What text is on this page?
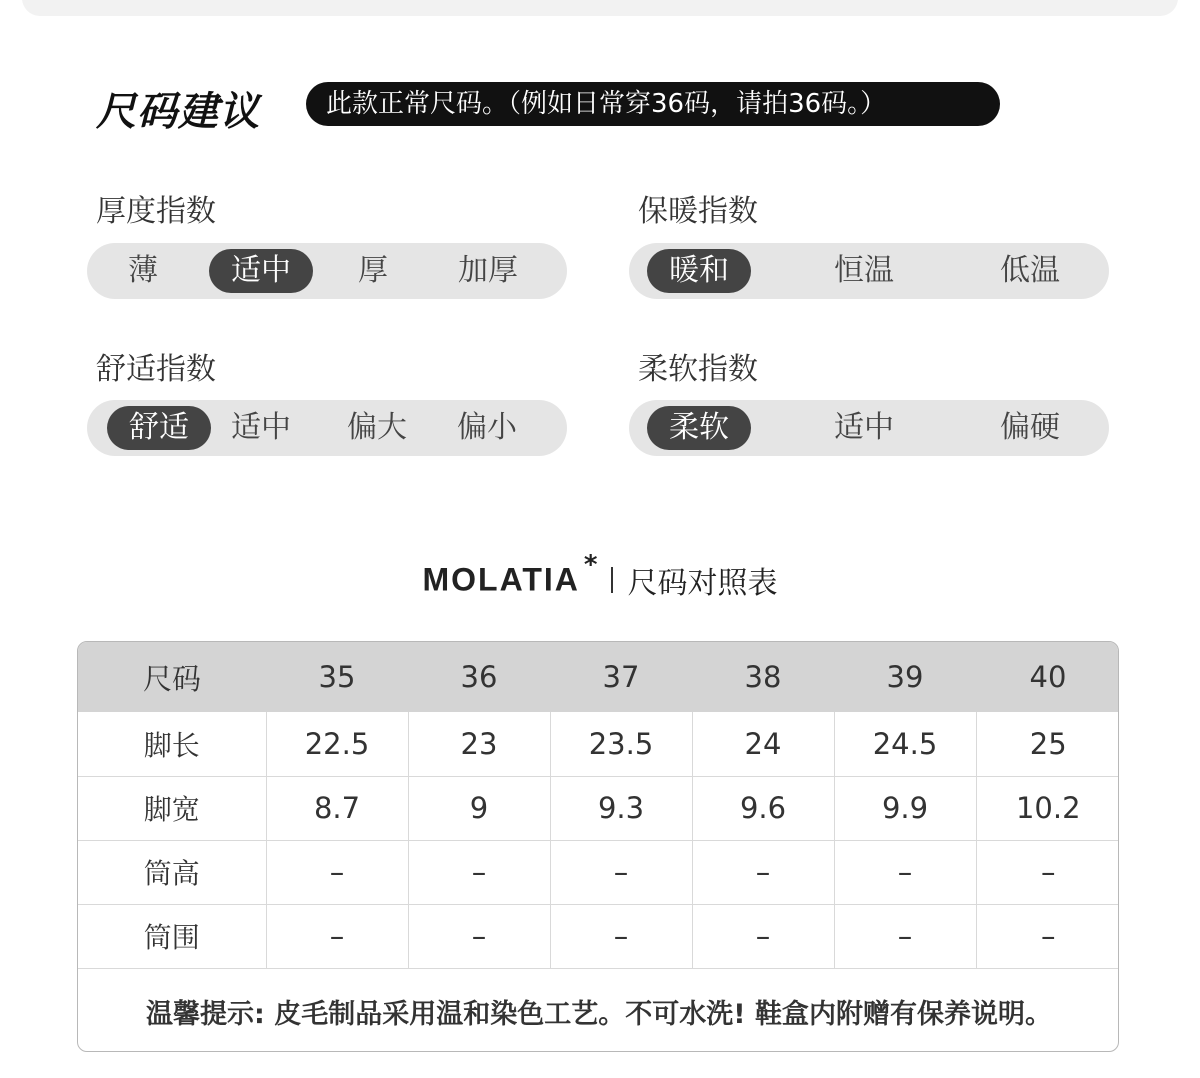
尺码建议	此款正常尺码。（例如日常穿36码，请拍36码。）
厚度指数
薄	适中	厚	加厚
保暖指数
暖和	恒温	低温
舒适指数
舒适	适中	偏大	偏小
柔软指数
柔软	适中	偏硬
MOLATIA *尺码对照表
尺码	35	36	37	38	39	40
脚长	22.5	23	23.5	24	24.5	25
脚宽	8.7	9	9.3	9.6	9.9	10.2
筒高	–	–	–	–	–	–
筒围	–	–	–	–	–	–
温馨提示: 皮毛制品采用温和染色工艺。不可水洗! 鞋盒内附赠有保养说明。						
